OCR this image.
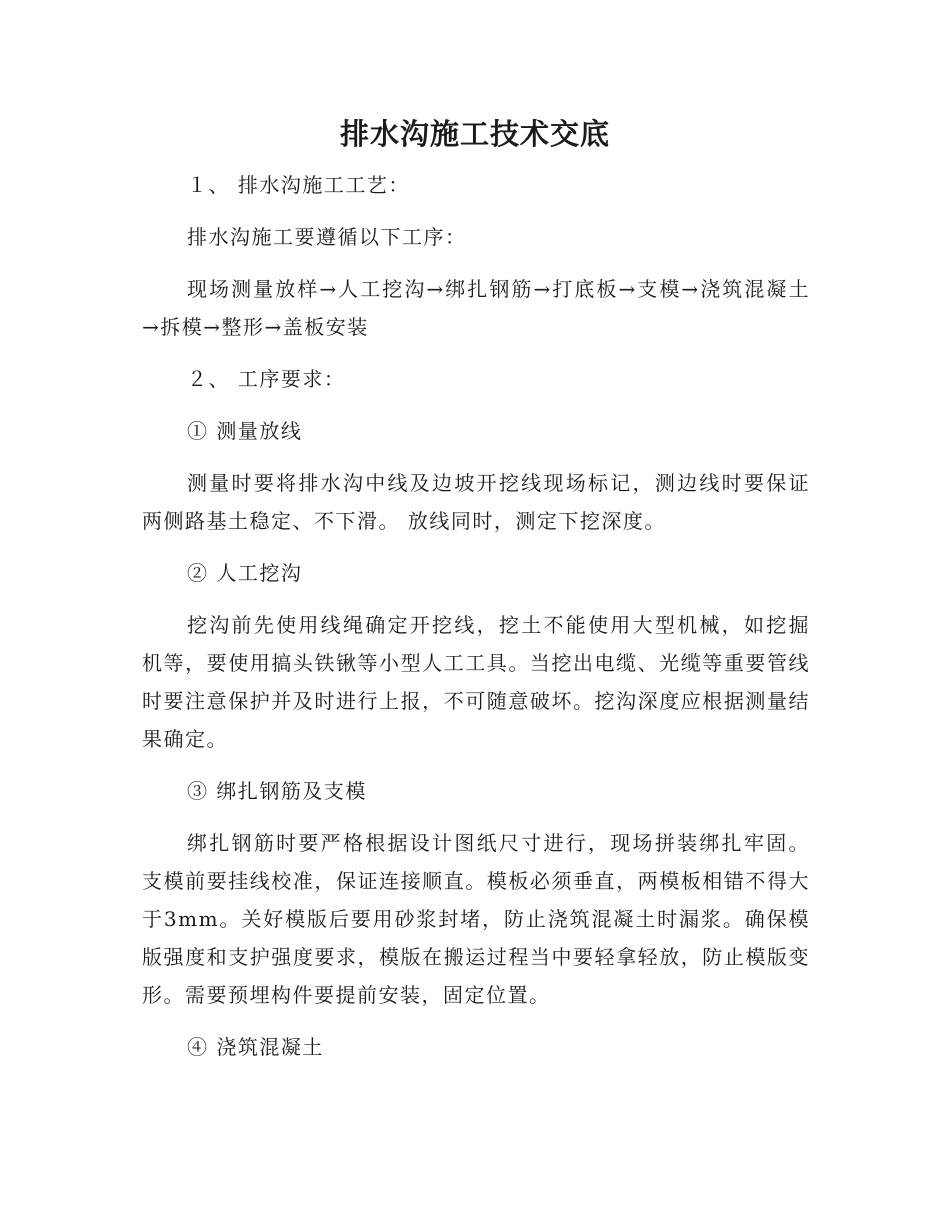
排水沟施工技术交底

１、 排水沟施工工艺：

排水沟施工要遵循以下工序：

现场测量放样→人工挖沟→绑扎钢筋→打底板→支模→浇筑混凝土→拆模→整形→盖板安装

２、 工序要求：

① 测量放线

测量时要将排水沟中线及边坡开挖线现场标记，测边线时要保证两侧路基土稳定、不下滑。 放线同时，测定下挖深度。

② 人工挖沟

挖沟前先使用线绳确定开挖线，挖土不能使用大型机械，如挖掘机等，要使用搞头铁锹等小型人工工具。当挖出电缆、光缆等重要管线时要注意保护并及时进行上报，不可随意破坏。挖沟深度应根据测量结果确定。

③ 绑扎钢筋及支模

绑扎钢筋时要严格根据设计图纸尺寸进行，现场拼装绑扎牢固。支模前要挂线校准，保证连接顺直。模板必须垂直，两模板相错不得大于3mm。关好模版后要用砂浆封堵，防止浇筑混凝土时漏浆。确保模版强度和支护强度要求，模版在搬运过程当中要轻拿轻放，防止模版变形。需要预埋构件要提前安装，固定位置。

④ 浇筑混凝土
